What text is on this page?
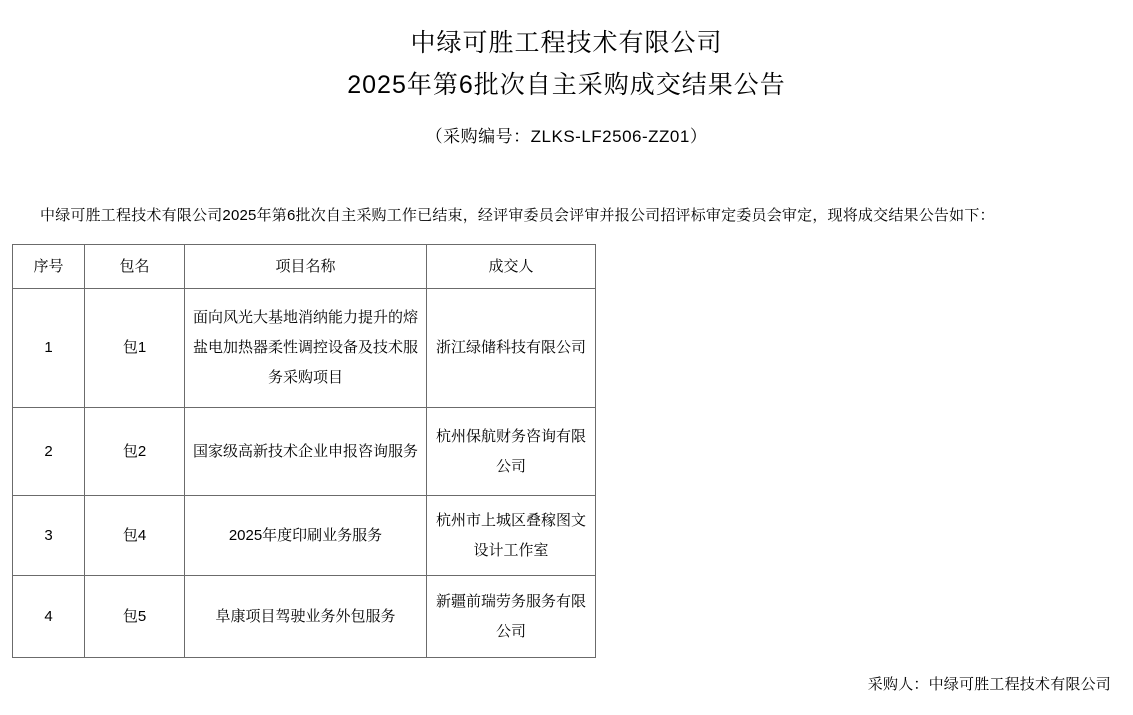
中绿可胜工程技术有限公司
2025年第6批次自主采购成交结果公告
（采购编号：ZLKS-LF2506-ZZ01）
中绿可胜工程技术有限公司2025年第6批次自主采购工作已结束，经评审委员会评审并报公司招评标审定委员会审定，现将成交结果公告如下：
序号	包名	项目名称	成交人
1	包1	面向风光大基地消纳能力提升的熔盐电加热器柔性调控设备及技术服务采购项目	浙江绿储科技有限公司
2	包2	国家级高新技术企业申报咨询服务	杭州保航财务咨询有限公司
3	包4	2025年度印刷业务服务	杭州市上城区叠稼图文设计工作室
4	包5	阜康项目驾驶业务外包服务	新疆前瑞劳务服务有限公司
采购人：中绿可胜工程技术有限公司
